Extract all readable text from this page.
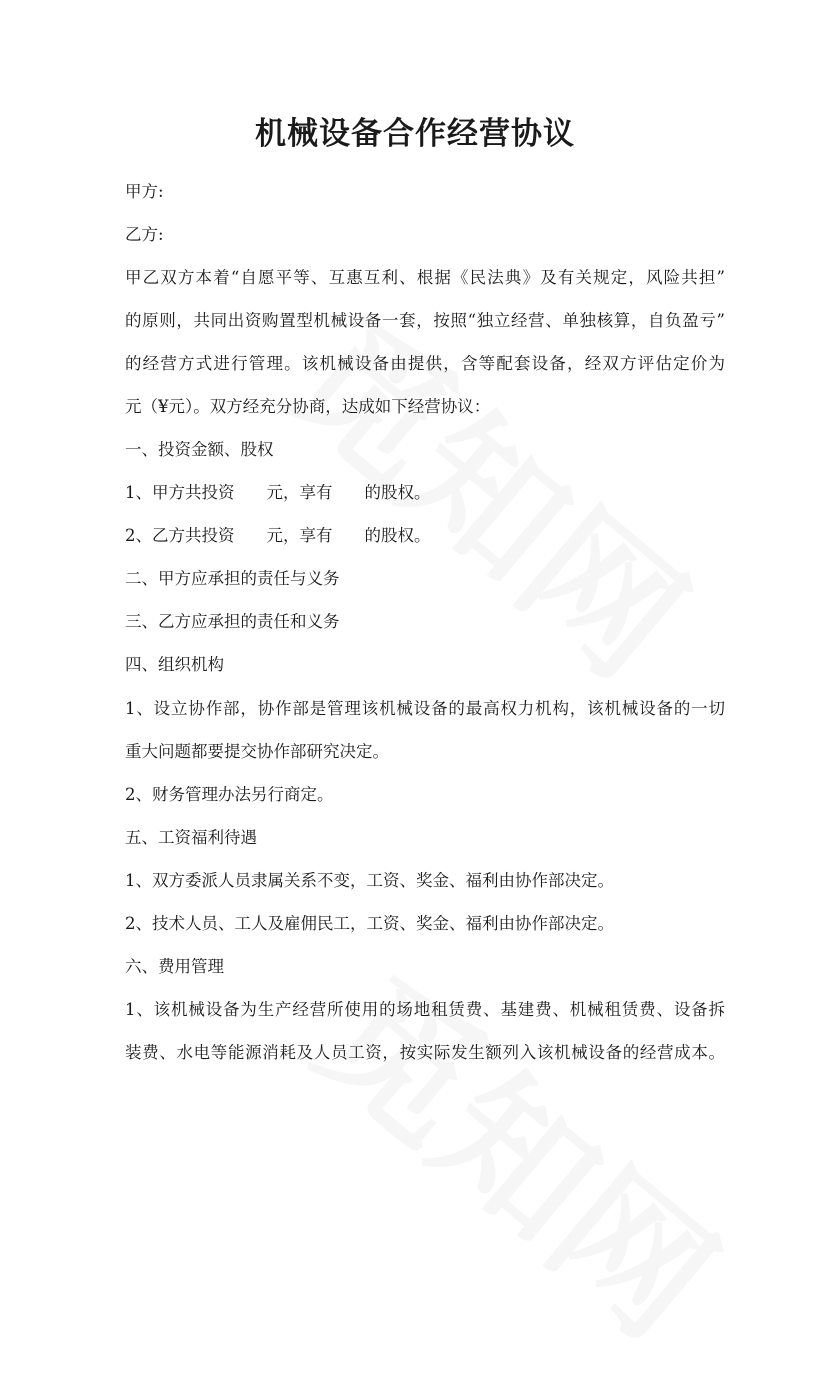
机械设备合作经营协议
甲方:
乙方:
甲乙双方本着“自愿平等、互惠互利、根据《民法典》及有关规定，风险共担”
的原则，共同出资购置型机械设备一套，按照“独立经营、单独核算，自负盈亏”
的经营方式进行管理。该机械设备由提供，含等配套设备，经双方评估定价为
元（¥元）。双方经充分协商，达成如下经营协议：
一、投资金额、股权
1、甲方共投资 元，享有 的股权。
2、乙方共投资 元，享有 的股权。
二、甲方应承担的责任与义务
三、乙方应承担的责任和义务
四、组织机构
1、设立协作部，协作部是管理该机械设备的最高权力机构，该机械设备的一切
重大问题都要提交协作部研究决定。
2、财务管理办法另行商定。
五、工资福利待遇
1、双方委派人员隶属关系不变，工资、奖金、福利由协作部决定。
2、技术人员、工人及雇佣民工，工资、奖金、福利由协作部决定。
六、费用管理
1、该机械设备为生产经营所使用的场地租赁费、基建费、机械租赁费、设备拆
装费、水电等能源消耗及人员工资，按实际发生额列入该机械设备的经营成本。
